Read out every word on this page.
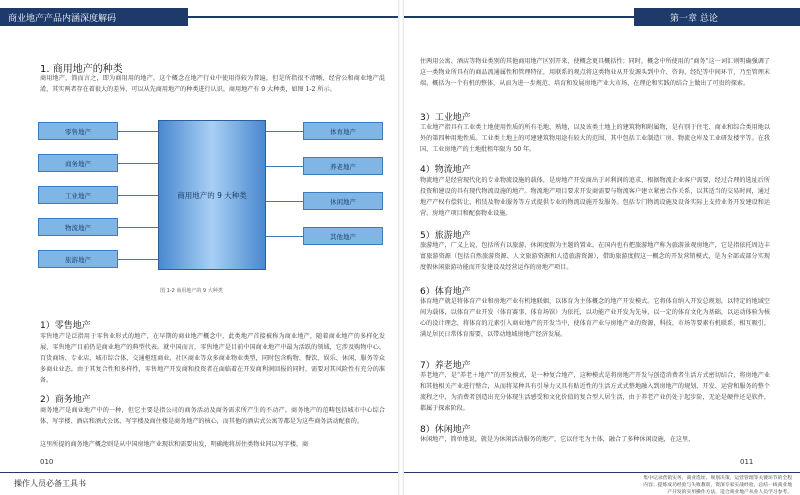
商业地产产品内涵深度解码	第一章 总论
1. 商用地产的种类
商用地产，简而言之，即为商用用的地产。这个概念在地产行业中使用得较为普遍，但是所指很不清晰，经营公和商业地产混淆，其实两者存在着很大的差异，可以从先商用地产的种类进行认识。商用地产有 9 大种类，如图 1-2 所示。
零售地产
商务地产
工业地产
物流地产
旅游地产
商用地产的 9 大种类
体育地产
养老地产
休闲地产
其他地产
图 1-2 商用地产的 9 大种类
1）零售地产
零售地产是泛指用于零售业形式的地产，在早期的商业地产概念中，此类地产首接被称为商业地产，随着商业地产的多样化发展，零售地产目前仍是商业地产的典型代表。就中国而言，零售地产是目前中国商业地产中最为活跃的领域，它涉及购物中心、百货商场、专业店、城市综合体、交通枢纽商业、社区商业等众多商业物业类型，同时包含购物、餐饮、娱乐、休闲、服务等众多商业业态。由于其复合性和多样性，零售地产开发商和投资者在面临着在开发商利润回报的同时，需要对其风险性有充分的准备。
2）商务地产
商务地产是商业地产中的一种，但它主要是指公司的商务活动及商务需求所产生的不动产。商务地产的范畴包括城市中心综合体、写字楼、酒店和酒式公寓、写字楼及商住楼是商务地产的核心，而其他的酒店式公寓等都是为这些商务活动配套的。
这里所提的商务地产概念则是从中国房地产业现状和需要出发，明确地将居住类物业同以写字楼、商
010
操作人员必备工具书
住两用公寓、酒店等物业类别的其他商用地产区别开来，使概念更具概括性；同时，概念中所使用的“商务”这一词汇则明确强调了这一类物业所具有的商品流通属性和管理特征，用联系的观点将这类物业从开发源头到中介、咨询、经纪等中间环节，乃至管理末端，概括为一个有机的整体，从而为进一步规范、培育和发展房地产业大市场，在理论和实践的结合上做出了可贵的探索。
3）工业地产
工业地产指具有工业类土地使用性质的所有毛地、熟地，以及该类土地上的建筑物和附属物，是有别于住宅、商业和综合类用地以外的第四种用地性质。工业类土地上的可建建筑物用途有较大的范围，其中包括工业制造厂房、物流仓库及工业研发楼宇等。在我国，工业房地产的土地批租年限为 50 年。
4）物流地产
物流地产是经营现代化的专业物流设施的载体，是房地产开发商出于对利润的追求，根据物流企业客户需要，经过合理的选址后所投资和建设的具有现代物流设施的地产。物流地产项目要求开发商需要与物流客户建立紧密合作关系，以其适当的交易时间，通过地产产权有偿转让、租赁及物业服务等方式提供专业的物流设施开发服务。包括专门物流设施及设备实际上支持业务开发建设和运营，房地产项目和配套物业设施。
5）旅游地产
旅游地产，广义上说，包括所有以旅游、休闲度假为主题的置业。在国内也有把旅游地产称为旅游景观房地产，它是指依托周边丰富旅游资源（包括自然旅游资源、人文旅游资源和人造旅游资源），借助旅游度假这一概念的开发营销模式，是为全部或部分实现度假休闲旅游功能而开发建设及经营运作的房地产项目。
6）体育地产
体育地产就是将体育产业和房地产业有机地联姻，以体育为主体概念的地产开发模式。它将体育纳入开发总规划，以特定的地域空间为载体，以体育产业开发（体育赛事、体育场馆）为依托，以功能产业开发为先导，以一定的体育文化为基础，以运动体验为核心的设计理念，将体育的元素引入商业地产的开发当中，使体育产业与房地产业的资源，科技、市场等要素有机联系，相互吸引，满足居民日常体育需要，以带动地域房地产经济发展。
7）养老地产
养老地产，是“养老＋地产”的开发模式，是一种复合地产，这种模式是将房地产开发与创造消费者生活方式密切结合，将房地产业和其他相关产业进行整合，从而将某种具有引导力又具有贴近性的生活方式式整地融入到房地产的规划、开发、运营和服务的整个流程之中，为消费者创造出充分体现生活感受和文化价值的复合型人居生活，由于养老产业仍处于起步阶，无论是硬件还是软件，都属于探索阶段。
8）休闲地产
休闲地产，简单地说，就是为休闲活动服务的地产，它以住宅为主体，融合了多种休闲设施，在这里，
011
集中记录营销实务、商业选址、规划决策、运营管理等关键环节的全程内容；提炼成功经验与失败教训，资深专家实战经验，总结一线商业地产开发的实用操作方法，适合商业地产从业人员学习参考。
